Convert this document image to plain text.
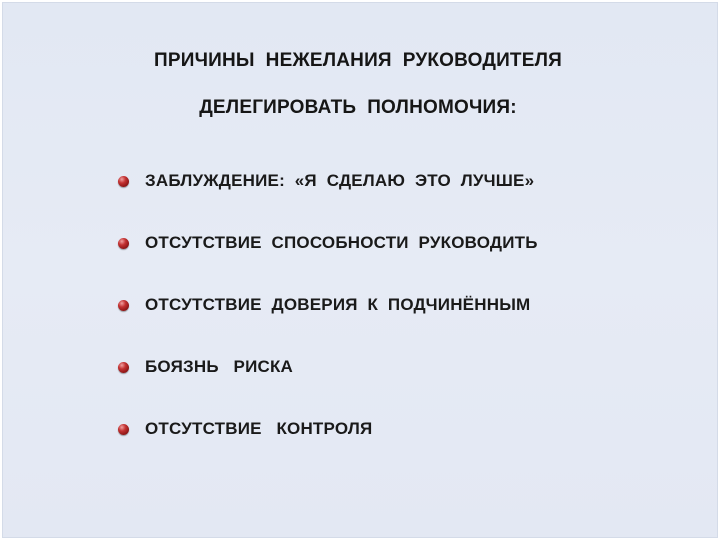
ПРИЧИНЫ  НЕЖЕЛАНИЯ  РУКОВОДИТЕЛЯ
ДЕЛЕГИРОВАТЬ  ПОЛНОМОЧИЯ:
ЗАБЛУЖДЕНИЕ:  «Я  СДЕЛАЮ  ЭТО  ЛУЧШЕ»
ОТСУТСТВИЕ  СПОСОБНОСТИ  РУКОВОДИТЬ
ОТСУТСТВИЕ  ДОВЕРИЯ  К  ПОДЧИНЁННЫМ
БОЯЗНЬ   РИСКА
ОТСУТСТВИЕ   КОНТРОЛЯ
